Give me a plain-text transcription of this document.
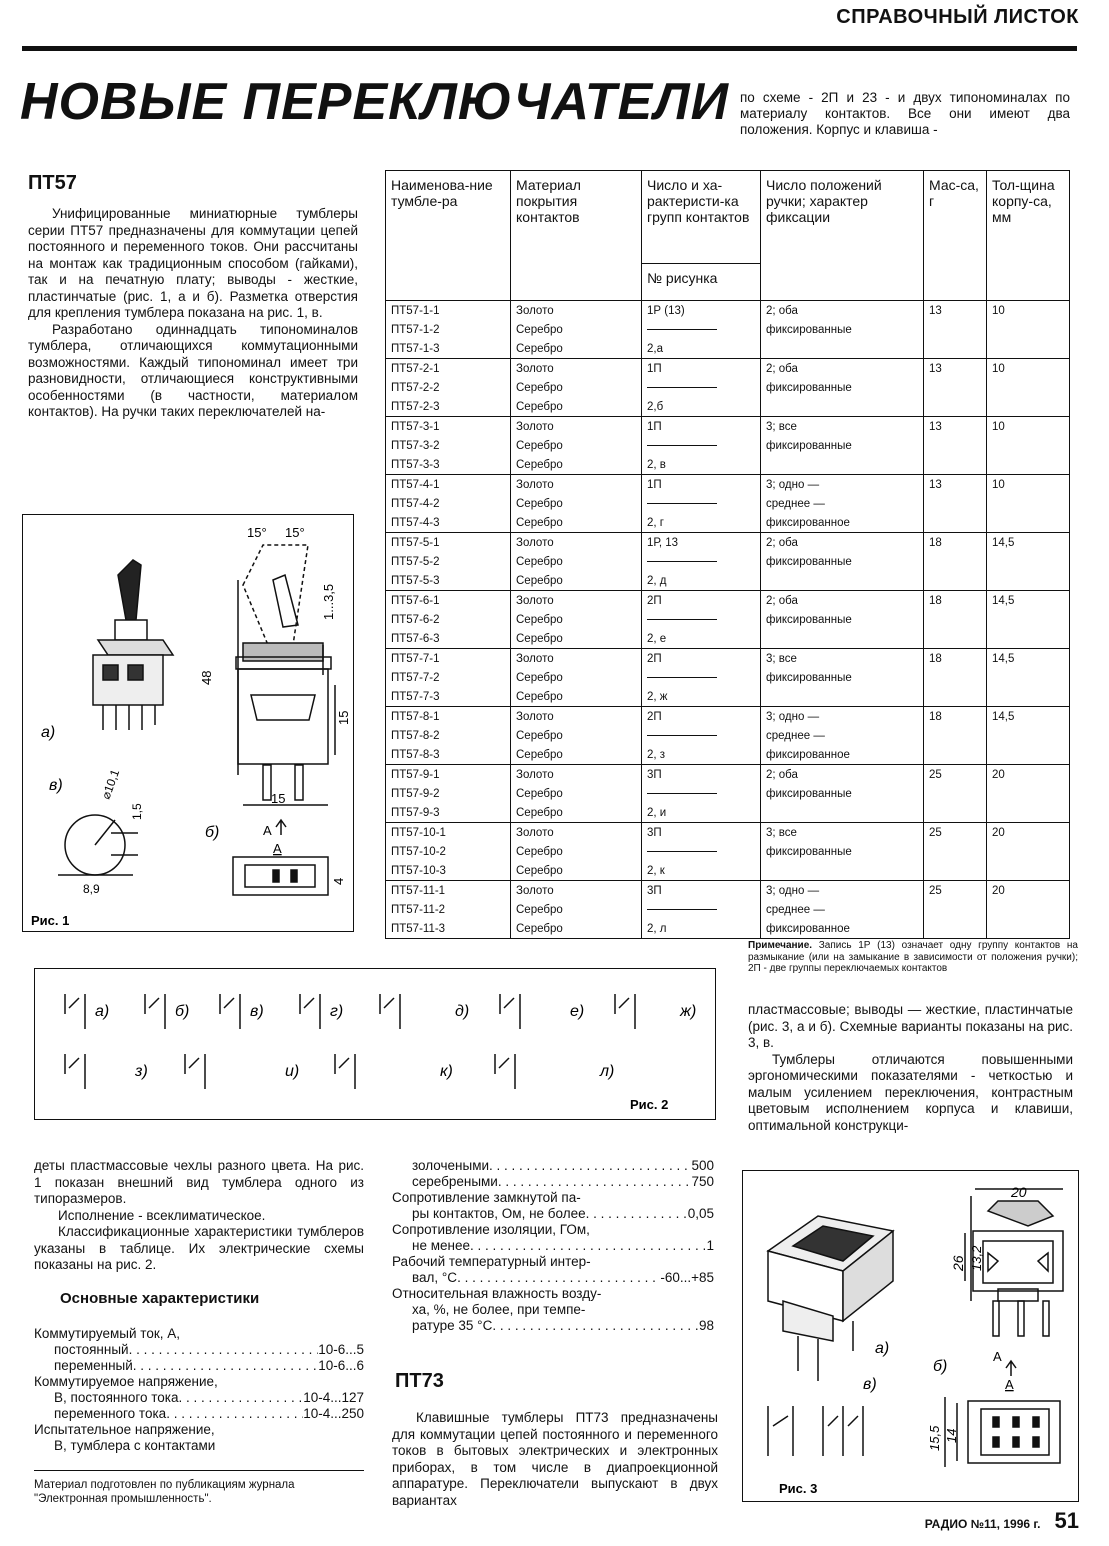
СПРАВОЧНЫЙ ЛИСТОК
НОВЫЕ ПЕРЕКЛЮЧАТЕЛИ по схеме - 2П и 23 - и двух типономиналах по материалу контактов. Все они имеют два положения. Корпус и клавиша -
ПТ57

Унифицированные миниатюрные тумблеры серии ПТ57 предназначены для коммутации цепей постоянного и переменного токов. Они рассчитаны на монтаж как традиционным способом (гайками), так и на печатную плату; выводы - жесткие, пластинчатые (рис. 1, а и б). Разметка отверстия для крепления тумблера показана на рис. 1, в.

Разработано одиннадцать типономиналов тумблера, отличающихся коммутационными возможностями. Каждый типономинал имеет три разновидности, отличающиеся конструктивными особенностями (в частности, материалом контактов). На ручки таких переключателей на-

Наименова-ние тумбле-ра	Материал покрытия контактов	Число и ха-рактеристи-ка групп контактов	Число положений ручки; характер фиксации	Мас-са, г	Тол-щина корпу-са, мм
		№ рисунка			
ПТ57-1-1	Золото	1Р (13)	2; оба	13	10
ПТ57-1-2	Серебро		фиксированные		
ПТ57-1-3	Серебро	2,а			
ПТ57-2-1	Золото	1П	2; оба	13	10
ПТ57-2-2	Серебро		фиксированные		
ПТ57-2-3	Серебро	2,б			
ПТ57-3-1	Золото	1П	3; все	13	10
ПТ57-3-2	Серебро		фиксированные		
ПТ57-3-3	Серебро	2, в			
ПТ57-4-1	Золото	1П	3; одно —	13	10
ПТ57-4-2	Серебро		среднее —		
ПТ57-4-3	Серебро	2, г	фиксированное		
ПТ57-5-1	Золото	1Р, 13	2; оба	18	14,5
ПТ57-5-2	Серебро		фиксированные		
ПТ57-5-3	Серебро	2, д			
ПТ57-6-1	Золото	2П	2; оба	18	14,5
ПТ57-6-2	Серебро		фиксированные		
ПТ57-6-3	Серебро	2, е			
ПТ57-7-1	Золото	2П	3; все	18	14,5
ПТ57-7-2	Серебро		фиксированные		
ПТ57-7-3	Серебро	2, ж			
ПТ57-8-1	Золото	2П	3; одно —	18	14,5
ПТ57-8-2	Серебро		среднее —		
ПТ57-8-3	Серебро	2, з	фиксированное		
ПТ57-9-1	Золото	3П	2; оба	25	20
ПТ57-9-2	Серебро		фиксированные		
ПТ57-9-3	Серебро	2, и			
ПТ57-10-1	Золото	3П	3; все	25	20
ПТ57-10-2	Серебро		фиксированные		
ПТ57-10-3	Серебро	2, к			
ПТ57-11-1	Золото	3П	3; одно —	25	20
ПТ57-11-2	Серебро		среднее —		
ПТ57-11-3	Серебро	2, л	фиксированное		
Примечание. Запись 1Р (13) означает одну группу контактов на размыкание (или на замыкание в зависимости от положения ручки); 2П - две группы переключаемых контактов
15° 15°
1...3,5
48
15
15
4
⌀10,1
1,5
8,9
а)
в)
б)	А
А
Рис. 1
Рис. 2
а)	б)	в)	г)	д)	е)	ж)
з)	и)	к)	л)

пластмассовые; выводы — жесткие, пластинчатые (рис. 3, а и б). Схемные варианты показаны на рис. 3, в.

Тумблеры отличаются повышенными эргономическими показателями - четкостью и малым усилением переключения, контрастным цветовым исполнением корпуса и клавиши, оптимальной конструкци-

деты пластмассовые чехлы разного цвета. На рис. 1 показан внешний вид тумблера одного из типоразмеров.

Исполнение - всеклиматическое.

Классификационные характеристики тумблеров указаны в таблице. Их электрические схемы показаны на рис. 2.

Основные характеристики
Коммутируемый ток, А,
постоянный . . .	10-6...5
переменный . . .	10-6...6
Коммутируемое напряжение,
В, постоянного тока . . .	10-4...127
переменного тока . . .	10-4...250
Испытательное напряжение,
В, тумблера с контактами
Материал подготовлен по публикациям журнала "Электронная промышленность".
золочеными . . .	500
серебреными . . .	750
Сопротивление замкнутой па-
ры контактов, Ом, не более . . .	0,05
Сопротивление изоляции, ГОм,
не менее . . .	1
Рабочий температурный интер-
вал, °С . . .	-60...+85
Относительная влажность возду-
ха, %, не более, при темпе-
ратуре 35 °С . . .	98
ПТ73

Клавишные тумблеры ПТ73 предназначены для коммутации цепей постоянного и переменного токов в бытовых электрических и электронных приборах, в том числе в диапроекционной аппаратуре. Переключатели выпускают в двух вариантах

20
26 13,2
15,5 14
а)
б)
в)
А
А
Рис. 3
РАДИО №11, 1996 г. 51
